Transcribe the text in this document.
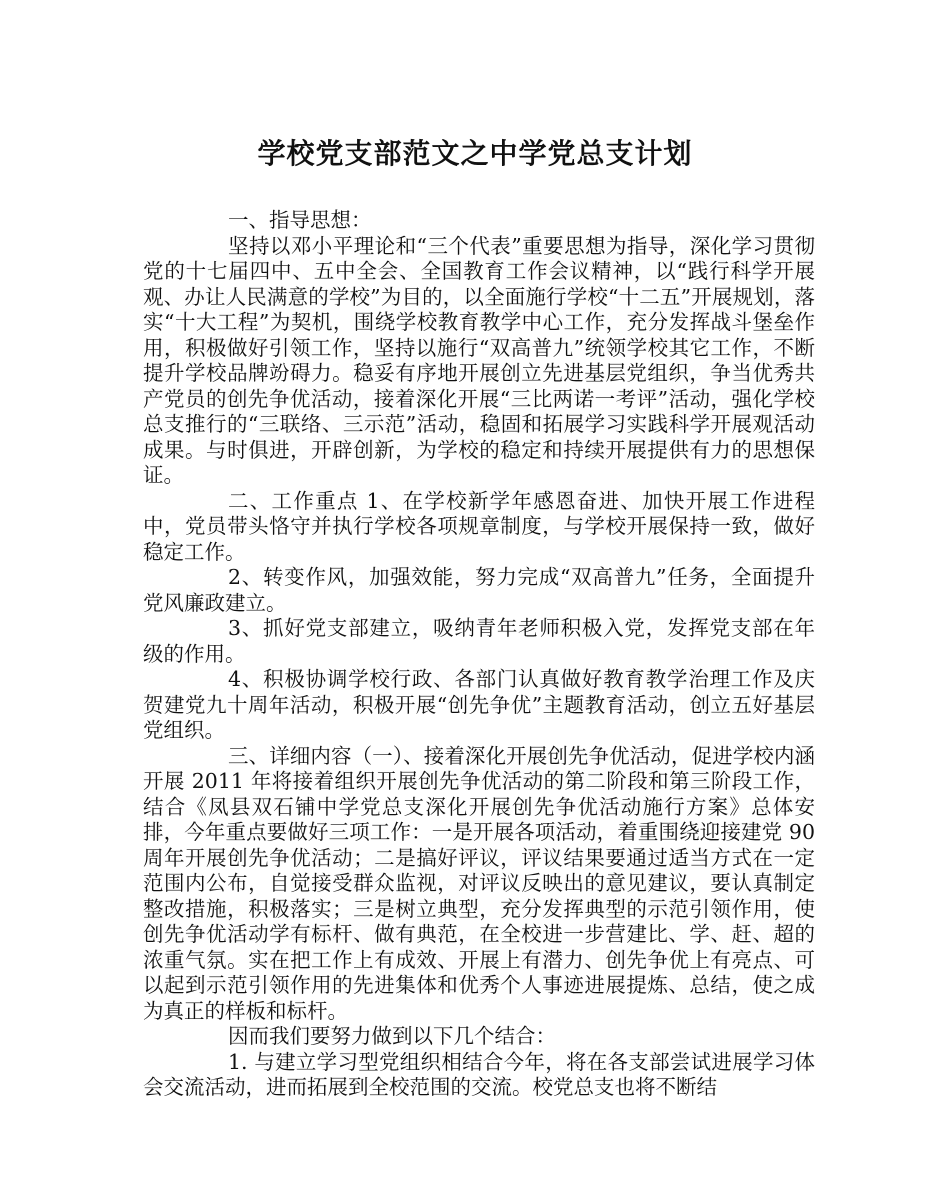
学校党支部范文之中学党总支计划

一、指导思想：

坚持以邓小平理论和“三个代表”重要思想为指导，深化学习贯彻党的十七届四中、五中全会、全国教育工作会议精神，以“践行科学开展观、办让人民满意的学校”为目的，以全面施行学校“十二五”开展规划，落实“十大工程”为契机，围绕学校教育教学中心工作，充分发挥战斗堡垒作用，积极做好引领工作，坚持以施行“双高普九”统领学校其它工作，不断提升学校品牌竕碍力。稳妥有序地开展创立先进基层党组织，争当优秀共产党员的创先争优活动，接着深化开展“三比两诺一考评”活动，强化学校总支推行的“三联络、三示范”活动，稳固和拓展学习实践科学开展观活动成果。与时俱进，开辟创新，为学校的稳定和持续开展提供有力的思想保证。

二、工作重点 1、在学校新学年感恩奋进、加快开展工作进程中，党员带头恪守并执行学校各项规章制度，与学校开展保持一致，做好稳定工作。

2、转变作风，加强效能，努力完成“双高普九”任务，全面提升党风廉政建立。

3、抓好党支部建立，吸纳青年老师积极入党，发挥党支部在年级的作用。

4、积极协调学校行政、各部门认真做好教育教学治理工作及庆贺建党九十周年活动，积极开展“创先争优”主题教育活动，创立五好基层党组织。

三、详细内容（一）、接着深化开展创先争优活动，促进学校内涵开展 2011 年将接着组织开展创先争优活动的第二阶段和第三阶段工作，结合《凤县双石铺中学党总支深化开展创先争优活动施行方案》总体安排，今年重点要做好三项工作：一是开展各项活动，着重围绕迎接建党 90 周年开展创先争优活动；二是搞好评议，评议结果要通过适当方式在一定范围内公布，自觉接受群众监视，对评议反映出的意见建议，要认真制定整改措施，积极落实；三是树立典型，充分发挥典型的示范引领作用，使创先争优活动学有标杆、做有典范，在全校进一步营建比、学、赶、超的浓重气氛。实在把工作上有成效、开展上有潜力、创先争优上有亮点、可以起到示范引领作用的先进集体和优秀个人事迹进展提炼、总结，使之成为真正的样板和标杆。

因而我们要努力做到以下几个结合：

1. 与建立学习型党组织相结合今年，将在各支部尝试进展学习体会交流活动，进而拓展到全校范围的交流。校党总支也将不断结
